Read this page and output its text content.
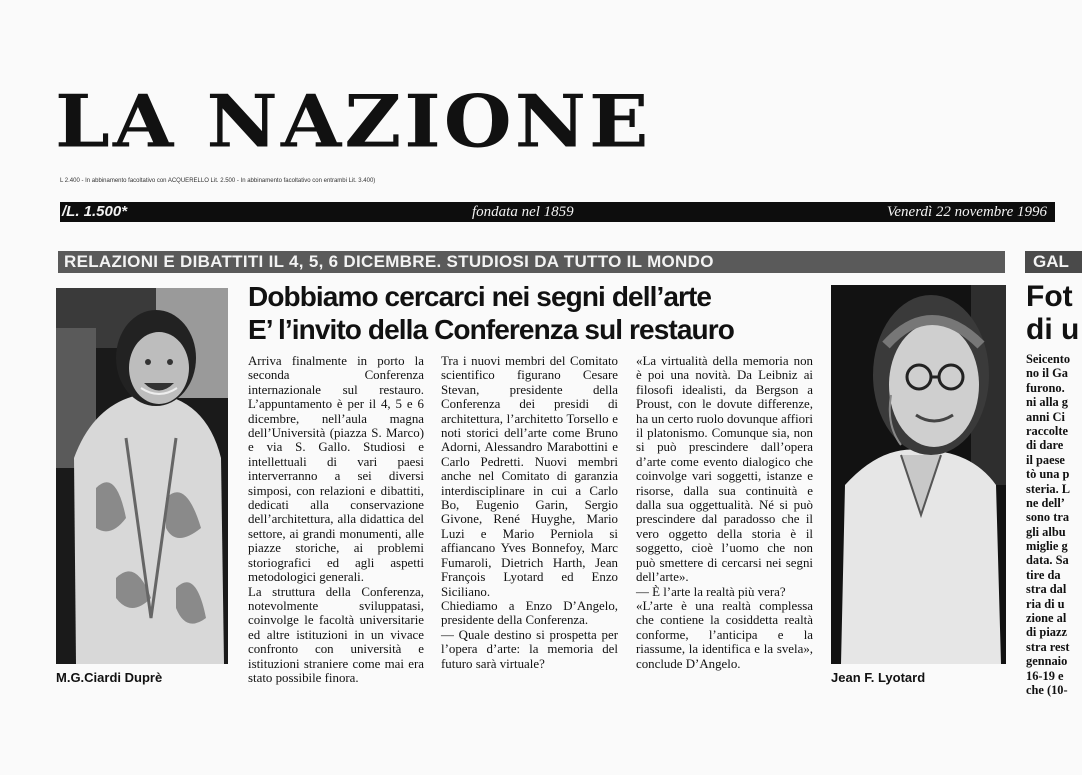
LA NAZIONE
L 2.400 - In abbinamento facoltativo con ACQUERELLO Lit. 2.500 - In abbinamento facoltativo con entrambi Lit. 3.400)
/L. 1.500*	fondata nel 1859	Venerdì 22 novembre 1996
RELAZIONI E DIBATTITI IL 4, 5, 6 DICEMBRE. STUDIOSI DA TUTTO IL MONDO	GAL
M.G.Ciardi Duprè
Dobbiamo cercarci nei segni dell’arte
E’ l’invito della Conferenza sul restauro

Arriva finalmente in porto la seconda Conferenza internazionale sul restauro. L’appuntamento è per il 4, 5 e 6 dicembre, nell’aula magna dell’Università (piazza S. Marco) e via S. Gallo. Studiosi e intellettuali di vari paesi interverranno a sei diversi simposi, con relazioni e dibattiti, dedicati alla conservazione dell’architettura, alla didattica del settore, ai grandi monumenti, alle piazze storiche, ai problemi storiografici ed agli aspetti metodologici generali.

La struttura della Conferenza, notevolmente sviluppatasi, coinvolge le facoltà universitarie ed altre istituzioni in un vivace confronto con università e istituzioni straniere come mai era stato possibile finora.

Tra i nuovi membri del Comitato scientifico figurano Cesare Stevan, presidente della Conferenza dei presidi di architettura, l’architetto Torsello e noti storici dell’arte come Bruno Adorni, Alessandro Marabottini e Carlo Pedretti. Nuovi membri anche nel Comitato di garanzia interdisciplinare in cui a Carlo Bo, Eugenio Garin, Sergio Givone, René Huyghe, Mario Luzi e Mario Perniola si affiancano Yves Bonnefoy, Marc Fumaroli, Dietrich Harth, Jean François Lyotard ed Enzo Siciliano.

Chiediamo a Enzo D’Angelo, presidente della Conferenza.

— Quale destino si prospetta per l’opera d’arte: la memoria del futuro sarà virtuale?

«La virtualità della memoria non è poi una novità. Da Leibniz ai filosofi idealisti, da Bergson a Proust, con le dovute differenze, ha un certo ruolo dovunque affiori il platonismo. Comunque sia, non si può prescindere dall’opera d’arte come evento dialogico che coinvolge vari soggetti, istanze e risorse, dalla sua continuità e dalla sua oggettualità. Né si può prescindere dal paradosso che il vero oggetto della storia è il soggetto, cioè l’uomo che non può smettere di cercarsi nei segni dell’arte».

— È l’arte la realtà più vera?

«L’arte è una realtà complessa che contiene la cosiddetta realtà conforme, l’anticipa e la riassume, la identifica e la svela», conclude D’Angelo.

Jean F. Lyotard
Fot
di u
Seicento
no il Ga
furono.
ni alla g
anni Ci
raccolte
di dare
il paese
tò una p
steria. L
ne dell’
sono tra
gli albu
miglie g
data. Sa
tire da
stra dal
ria di u
zione al
di piazz
stra rest
gennaio
16-19 e
che (10-
